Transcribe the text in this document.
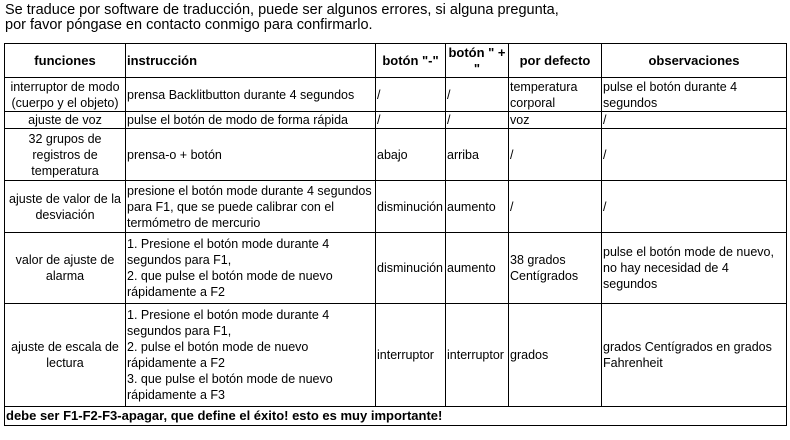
Se traduce por software de traducción, puede ser algunos errores, si alguna pregunta,
por favor póngase en contacto conmigo para confirmarlo.
funciones	instrucción	botón "-"	botón " + "	por defecto	observaciones
interruptor de modo (cuerpo y el objeto)	prensa Backlitbutton durante 4 segundos	/	/	temperatura corporal	pulse el botón durante 4 segundos
ajuste de voz	pulse el botón de modo de forma rápida	/	/	voz	/
32 grupos de registros de temperatura	prensa-o + botón	abajo	arriba	/	/
ajuste de valor de la desviación	presione el botón mode durante 4 segundos para F1, que se puede calibrar con el termómetro de mercurio	disminución	aumento	/	/
valor de ajuste de alarma	1. Presione el botón mode durante 4 segundos para F1,
2. que pulse el botón mode de nuevo rápidamente a F2	disminución	aumento	38 grados Centígrados	pulse el botón mode de nuevo, no hay necesidad de 4 segundos
ajuste de escala de lectura	1. Presione el botón mode durante 4 segundos para F1,
2. pulse el botón mode de nuevo rápidamente a F2
3. que pulse el botón mode de nuevo rápidamente a F3	interruptor	interruptor	grados	grados Centígrados en grados Fahrenheit
debe ser F1-F2-F3-apagar, que define el éxito! esto es muy importante!					
